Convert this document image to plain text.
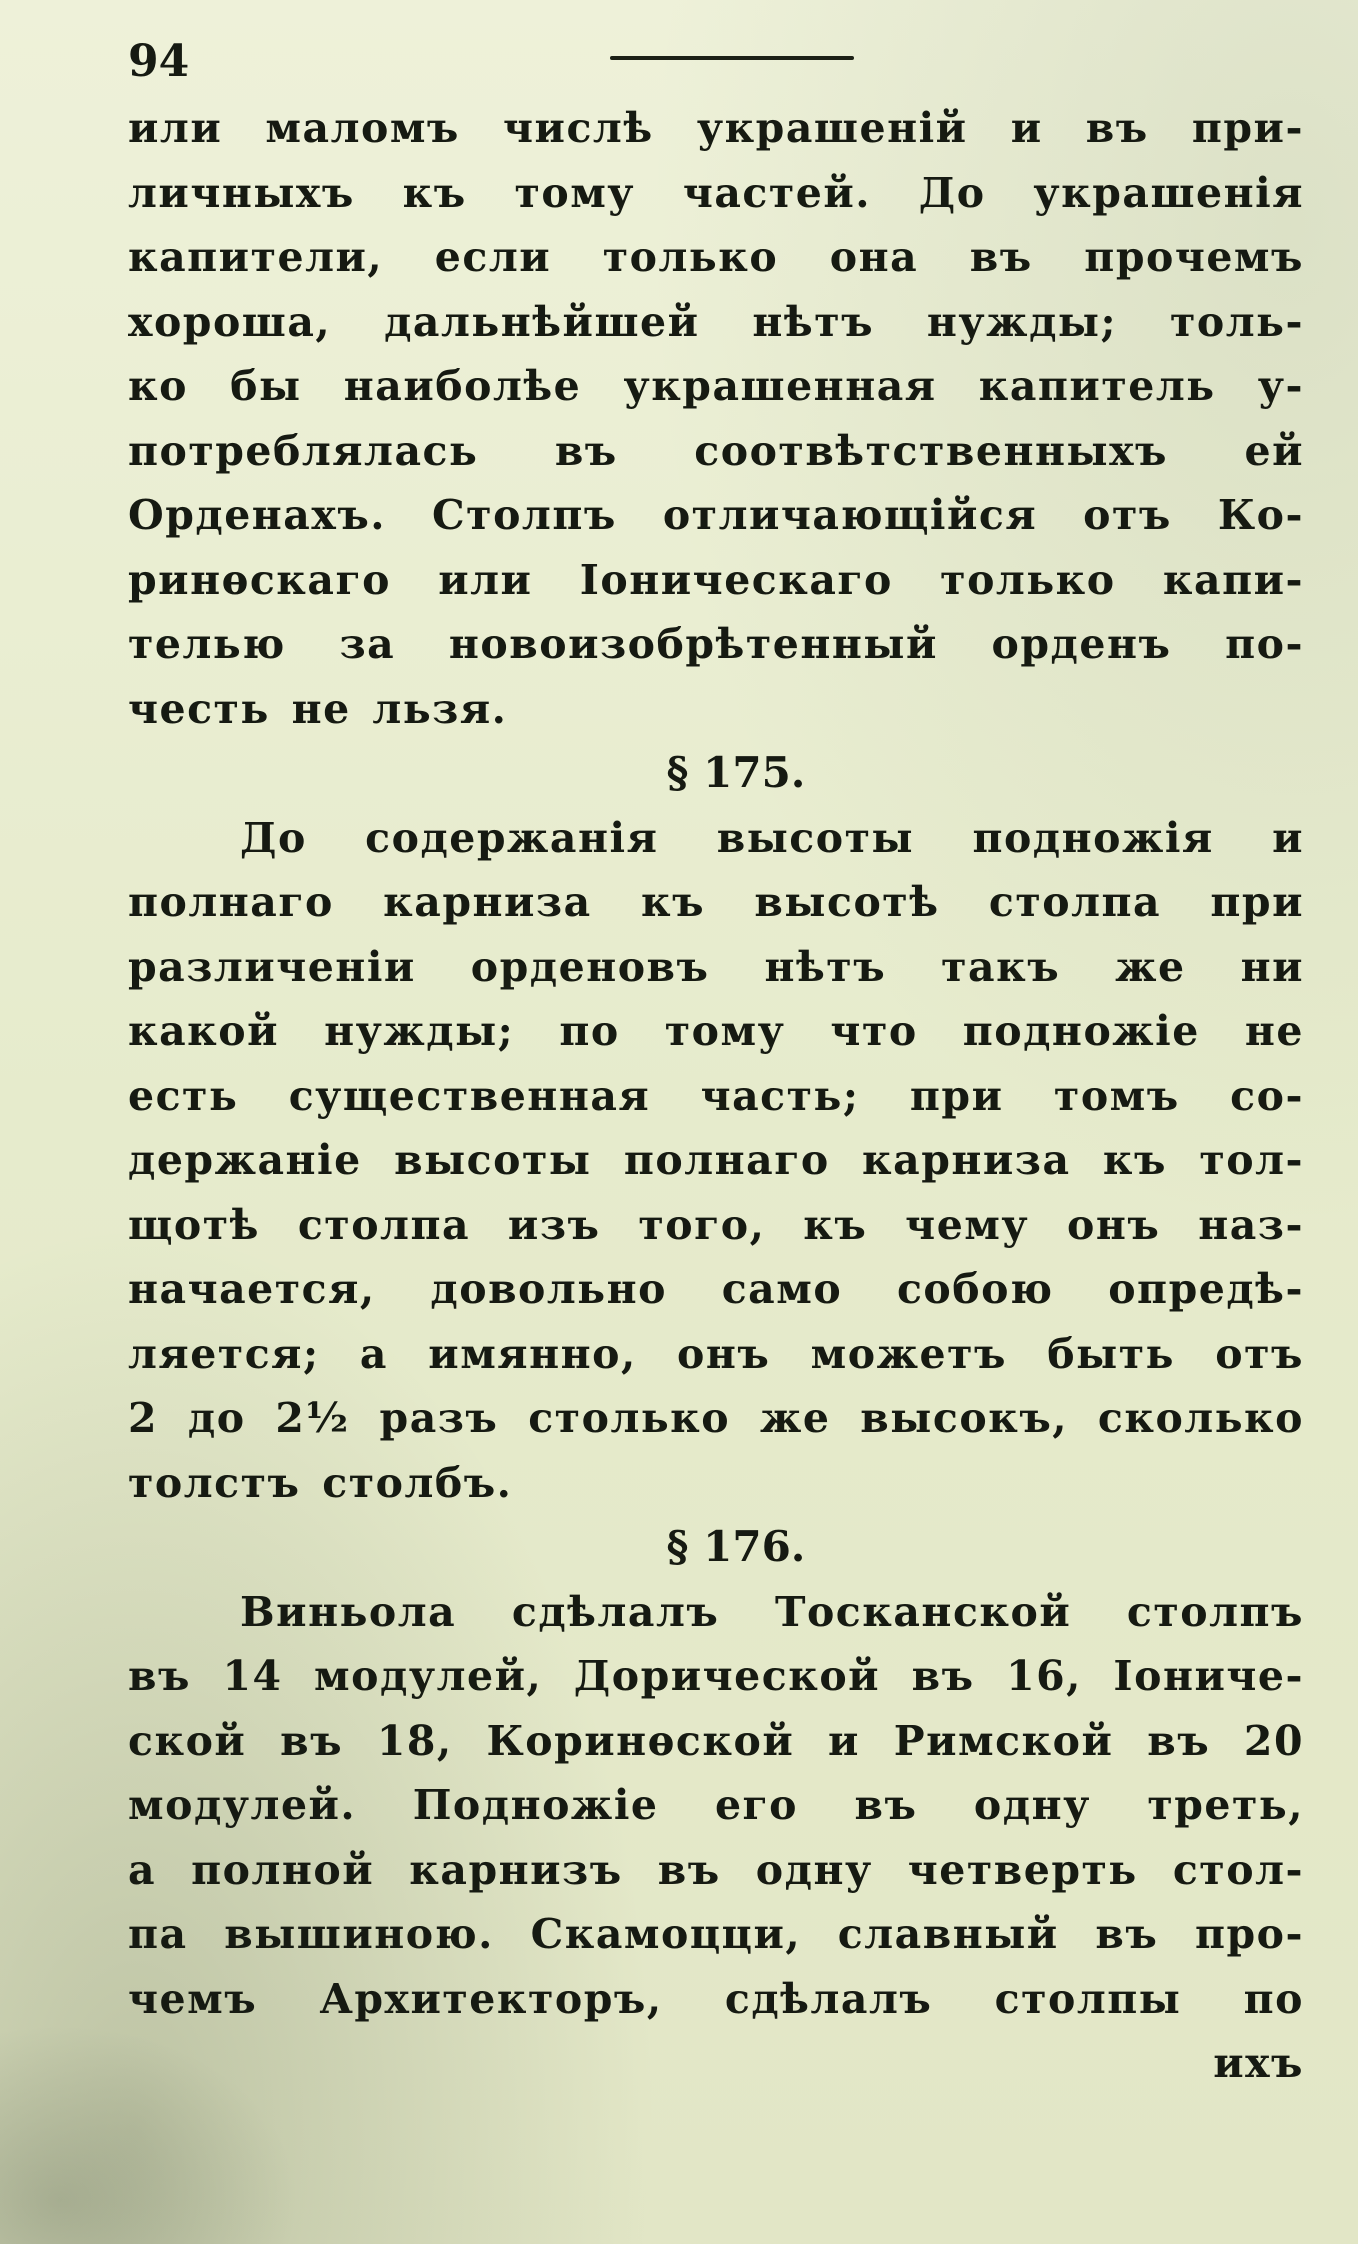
94
или маломъ числѣ украшенiй и въ при-
личныхъ къ тому частей. До украшенiя
капители, если только она въ прочемъ
хороша, дальнѣйшей нѣтъ нужды; толь-
ко бы наиболѣе украшенная капитель у-
потреблялась въ соотвѣтственныхъ ей
Орденахъ. Столпъ отличающiйся отъ Ко-
ринѳскаго или Iоническаго только капи-
телью за новоизобрѣтенный орденъ по-
честь не льзя.
§ 175.
До содержанiя высоты подножiя и
полнаго карниза къ высотѣ столпа при
различенiи орденовъ нѣтъ такъ же ни
какой нужды; по тому что подножiе не
есть существенная часть; при томъ со-
держанiе высоты полнаго карниза къ тол-
щотѣ столпа изъ того, къ чему онъ наз-
начается, довольно само собою опредѣ-
ляется; а имянно, онъ можетъ быть отъ
2 до 2½ разъ столько же высокъ, сколько
толстъ столбъ.
§ 176.
Виньола сдѣлалъ Тосканской столпъ
въ 14 модулей, Дорической въ 16, Iониче-
ской въ 18, Коринѳской и Римской въ 20
модулей. Подножiе его въ одну треть,
а полной карнизъ въ одну четверть стол-
па вышиною. Скамоцци, славный въ про-
чемъ Архитекторъ, сдѣлалъ столпы по
ихъ
